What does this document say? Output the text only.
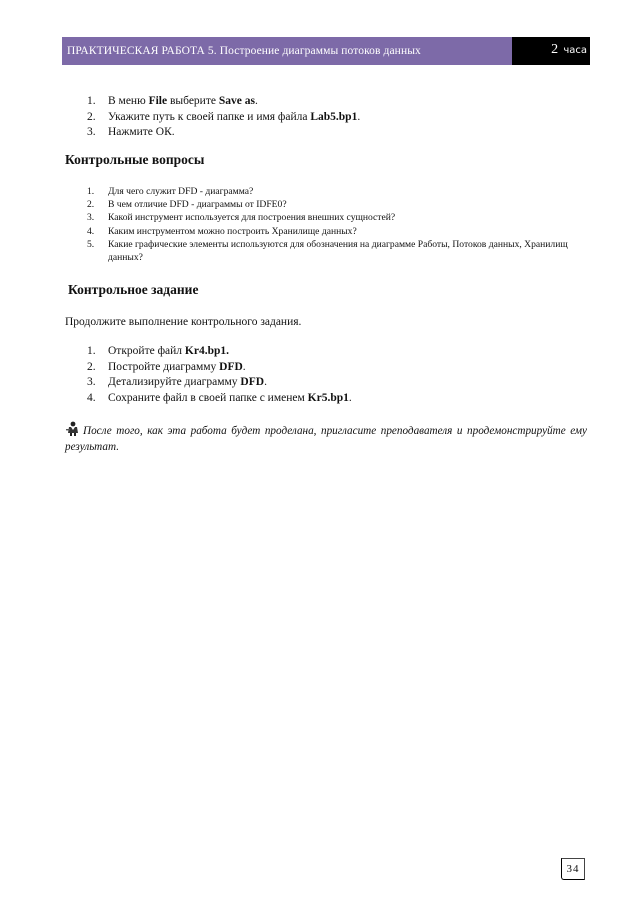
ПРАКТИЧЕСКАЯ РАБОТА 5. Построение диаграммы потоков данных	2 часа
1. В меню File выберите Save as.
2. Укажите путь к своей папке и имя файла Lab5.bp1.
3. Нажмите ОК.
Контрольные вопросы
1. Для чего служит DFD - диаграмма?
2. В чем отличие DFD - диаграммы от IDFE0?
3. Какой инструмент используется для построения внешних сущностей?
4. Каким инструментом можно построить Хранилище данных?
5. Какие графические элементы используются для обозначения на диаграмме Работы, Потоков данных, Хранилищ данных?
Контрольное задание

Продолжите выполнение контрольного задания.

1. Откройте файл Kr4.bp1.
2. Постройте диаграмму DFD.
3. Детализируйте диаграмму DFD.
4. Сохраните файл в своей папке с именем Kr5.bp1.

После того, как эта работа будет проделана, пригласите преподавателя и продемонстрируйте ему результат.

34
